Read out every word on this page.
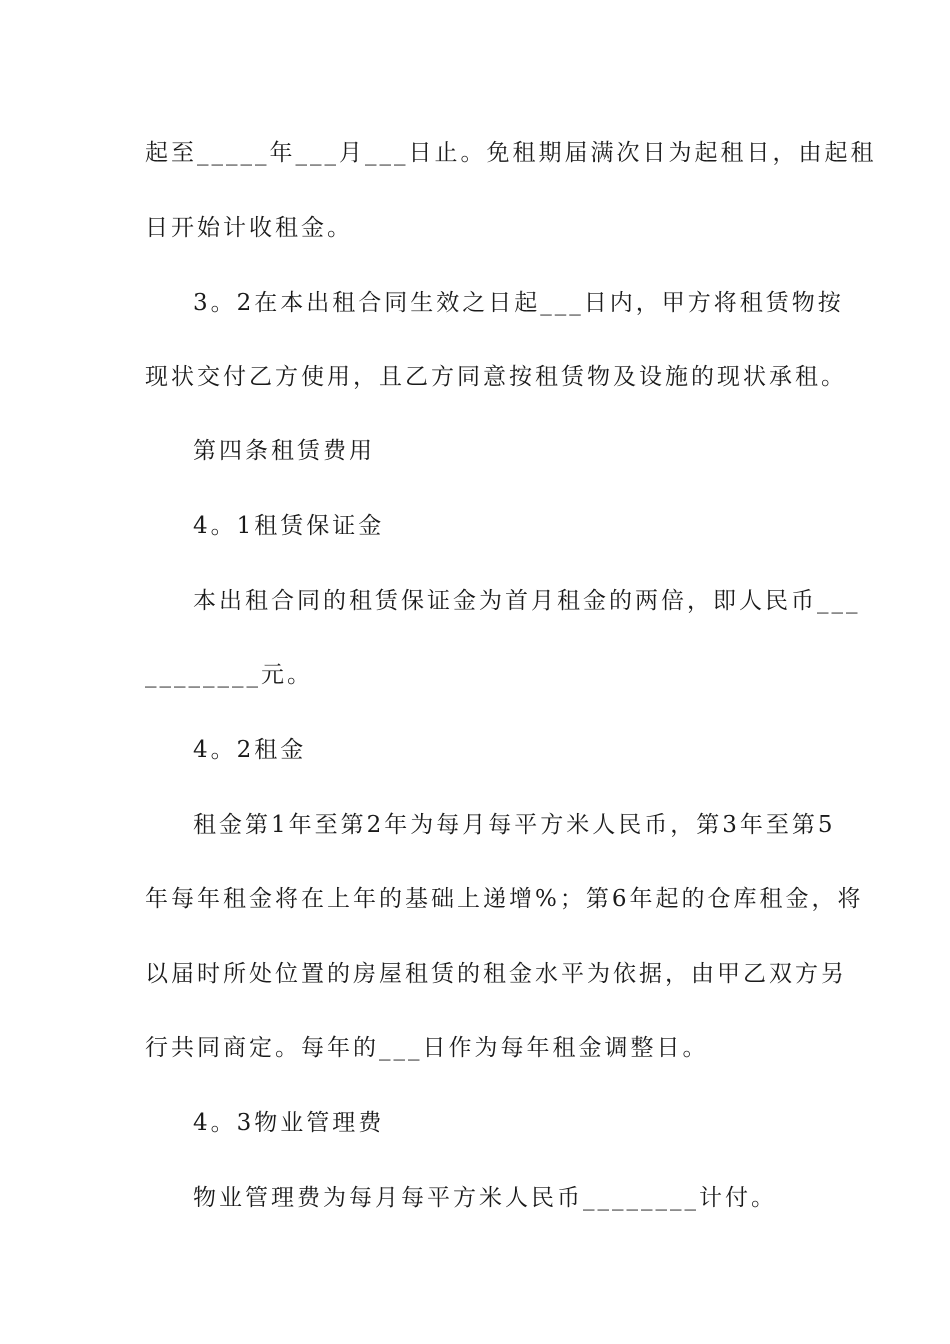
起至_____年___月___日止。免租期届满次日为起租日，由起租
日开始计收租金。
3。2在本出租合同生效之日起___日内，甲方将租赁物按
现状交付乙方使用，且乙方同意按租赁物及设施的现状承租。
第四条租赁费用
4。1租赁保证金
本出租合同的租赁保证金为首月租金的两倍，即人民币___
________元。
4。2租金
租金第1年至第2年为每月每平方米人民币，第3年至第5
年每年租金将在上年的基础上递增%；第6年起的仓库租金，将
以届时所处位置的房屋租赁的租金水平为依据，由甲乙双方另
行共同商定。每年的___日作为每年租金调整日。
4。3物业管理费
物业管理费为每月每平方米人民币________计付。
